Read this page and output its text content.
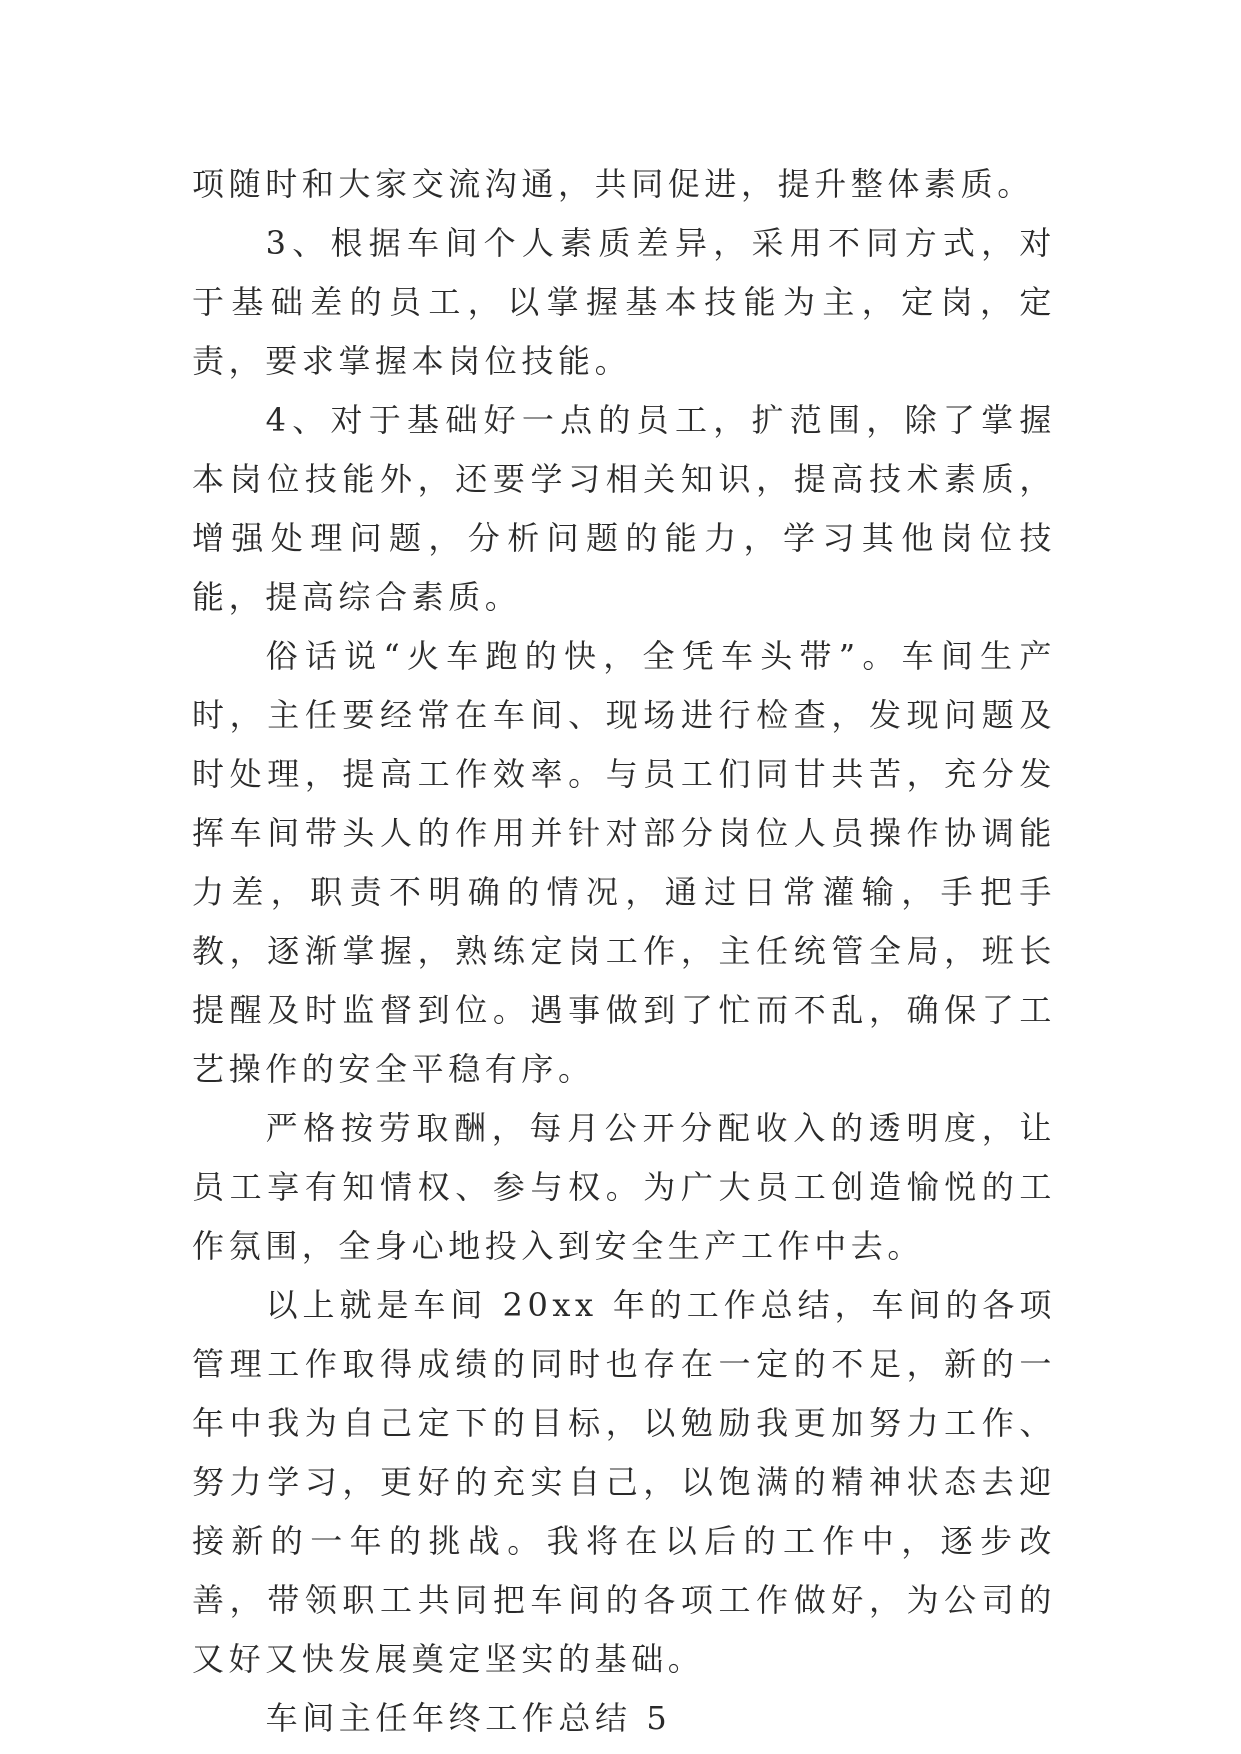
项随时和大家交流沟通，共同促进，提升整体素质。

3、根据车间个人素质差异，采用不同方式，对于基础差的员工，以掌握基本技能为主，定岗，定责，要求掌握本岗位技能。

4、对于基础好一点的员工，扩范围，除了掌握本岗位技能外，还要学习相关知识，提高技术素质，增强处理问题，分析问题的能力，学习其他岗位技能，提高综合素质。

俗话说“火车跑的快，全凭车头带”。车间生产时，主任要经常在车间、现场进行检查，发现问题及时处理，提高工作效率。与员工们同甘共苦，充分发挥车间带头人的作用并针对部分岗位人员操作协调能力差，职责不明确的情况，通过日常灌输，手把手教，逐渐掌握，熟练定岗工作，主任统管全局，班长提醒及时监督到位。遇事做到了忙而不乱，确保了工艺操作的安全平稳有序。

严格按劳取酬，每月公开分配收入的透明度，让员工享有知情权、参与权。为广大员工创造愉悦的工作氛围，全身心地投入到安全生产工作中去。

以上就是车间 20xx 年的工作总结，车间的各项管理工作取得成绩的同时也存在一定的不足，新的一年中我为自己定下的目标，以勉励我更加努力工作、努力学习，更好的充实自己，以饱满的精神状态去迎接新的一年的挑战。我将在以后的工作中，逐步改善，带领职工共同把车间的各项工作做好，为公司的又好又快发展奠定坚实的基础。

车间主任年终工作总结 5
